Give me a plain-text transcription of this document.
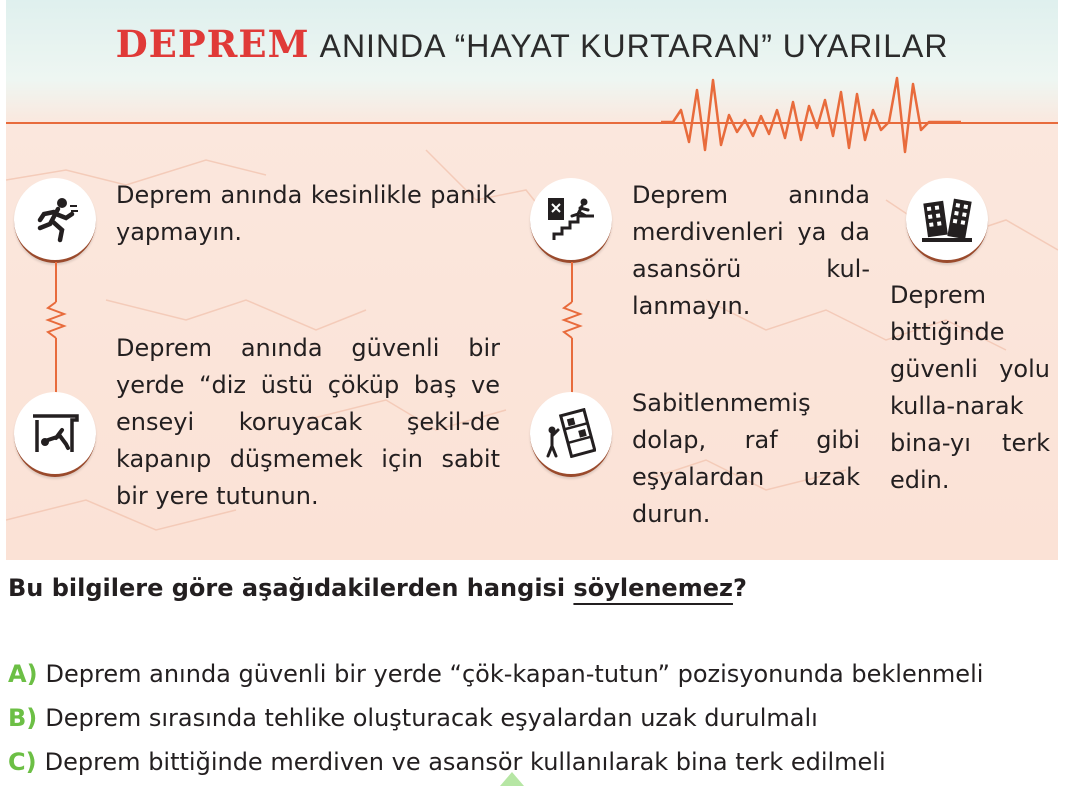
DEPREM ANINDA “HAYAT KURTARAN” UYARILAR

Deprem anında kesinlikle panik yapmayın.

Deprem anında güvenli bir yerde “diz üstü çöküp baş ve enseyi koruyacak şekil-de kapanıp düşmemek için sabit bir yere tutunun.

Deprem anında merdivenleri ya da asansörü kul-lanmayın.

Sabitlenmemiş dolap, raf gibi eşyalardan uzak durun.

Deprem bittiğinde güvenli yolu kulla-narak bina-yı terk edin.

Bu bilgilere göre aşağıdakilerden hangisi söylenemez?
A) Deprem anında güvenli bir yerde “çök-kapan-tutun” pozisyonunda beklenmeli
B) Deprem sırasında tehlike oluşturacak eşyalardan uzak durulmalı
C) Deprem bittiğinde merdiven ve asansör kullanılarak bina terk edilmeli
